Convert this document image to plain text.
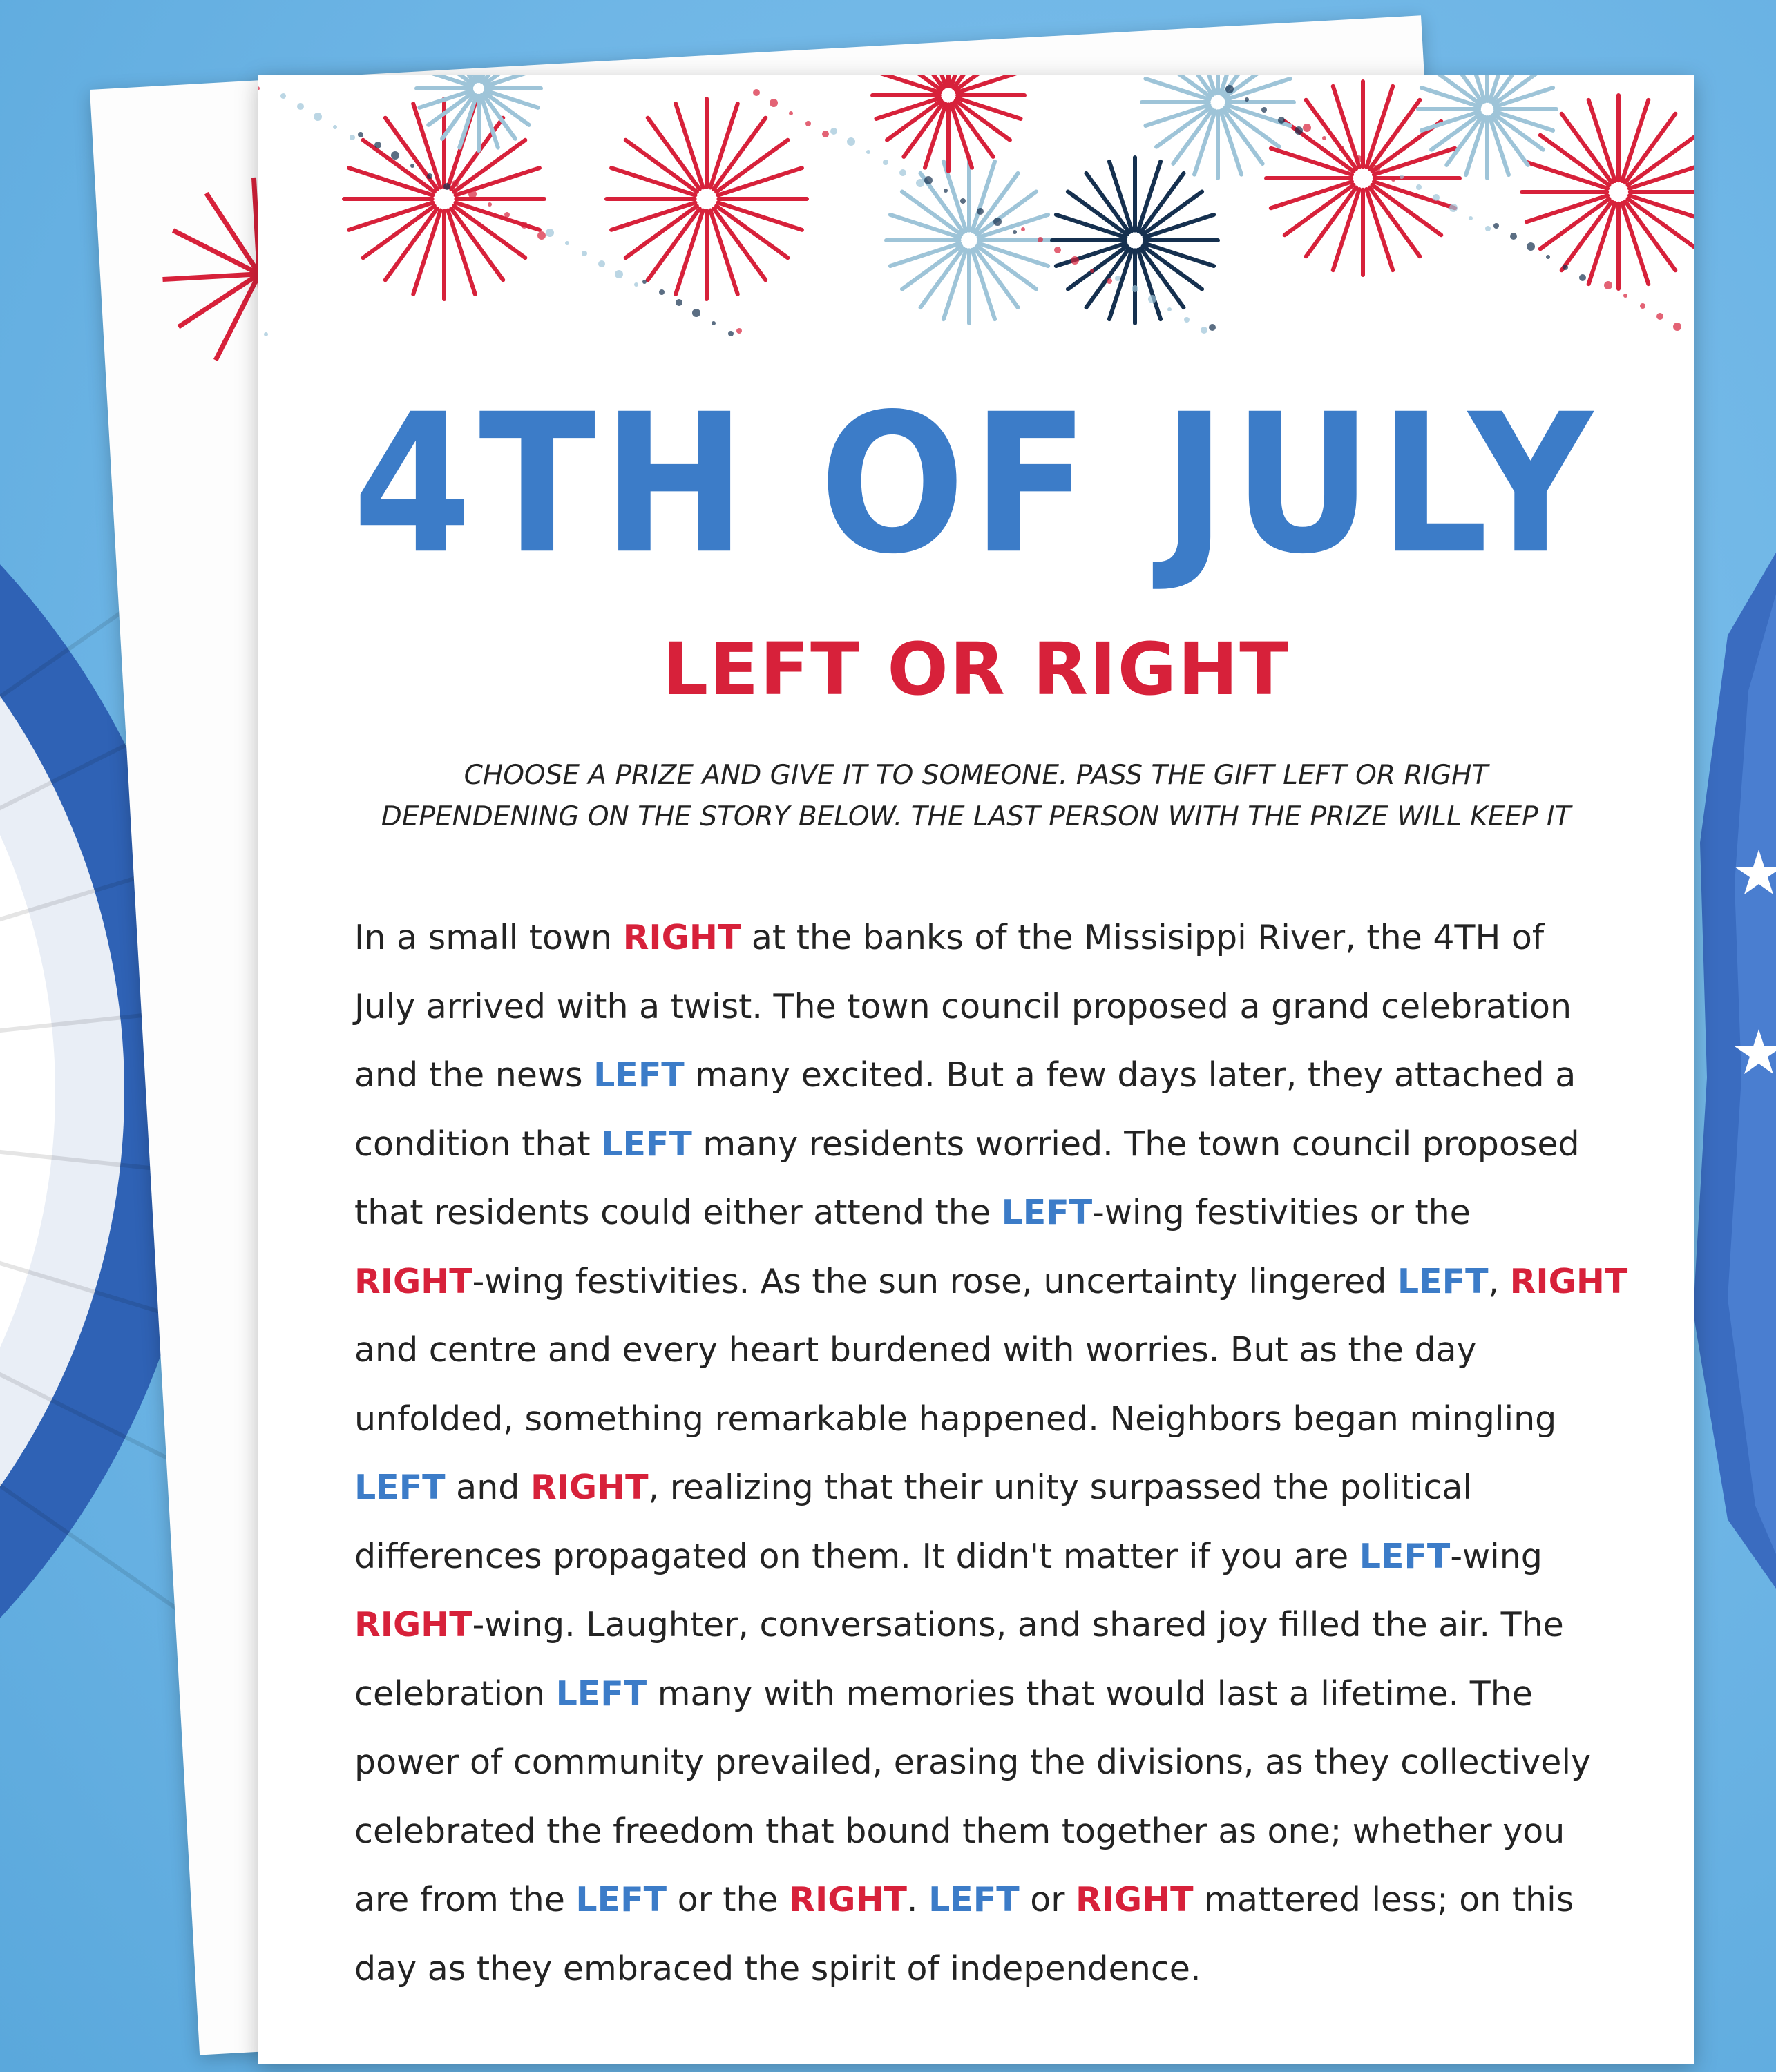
4TH OF JULY
LEFT OR RIGHT
CHOOSE A PRIZE AND GIVE IT TO SOMEONE. PASS THE GIFT LEFT OR RIGHT
DEPENDENING ON THE STORY BELOW. THE LAST PERSON WITH THE PRIZE WILL KEEP IT
In a small town RIGHT at the banks of the Missisippi River, the 4TH of
July arrived with a twist. The town council proposed a grand celebration
and the news LEFT many excited. But a few days later, they attached a
condition that LEFT many residents worried. The town council proposed
that residents could either attend the LEFT-wing festivities or the
RIGHT-wing festivities. As the sun rose, uncertainty lingered LEFT, RIGHT
and centre and every heart burdened with worries. But as the day
unfolded, something remarkable happened. Neighbors began mingling
LEFT and RIGHT, realizing that their unity surpassed the political
differences propagated on them. It didn't matter if you are LEFT-wing
RIGHT-wing. Laughter, conversations, and shared joy filled the air. The
celebration LEFT many with memories that would last a lifetime. The
power of community prevailed, erasing the divisions, as they collectively
celebrated the freedom that bound them together as one; whether you
are from the LEFT or the RIGHT. LEFT or RIGHT mattered less; on this
day as they embraced the spirit of independence.
